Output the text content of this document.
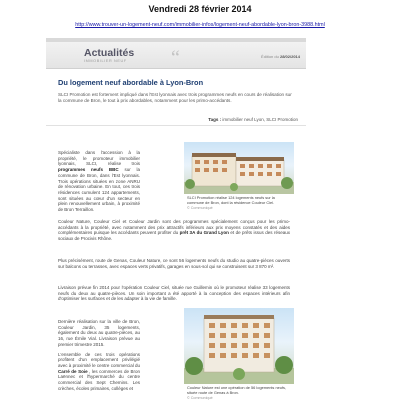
Vendredi 28 février 2014
http://www.trouver-un-logement-neuf.com/immobilier-infos/logement-neuf-abordable-lyon-bron-3988.html
Actualités
IMMOBILIER NEUF “	Édition du 28/02/2014
Du logement neuf abordable à Lyon-Bron
SLCI Promotion est fortement impliqué dans l'Est lyonnais avec trois programmes neufs en cours de réalisation sur la commune de Bron, le tout à prix abordables, notamment pour les primo-accédants.
Tags : immobilier neuf Lyon, SLCI Promotion

Spécialiste dans l'accession à la propriété, le promoteur immobilier lyonnais, SLCI, réalise trois programmes neufs BBC sur la commune de Bron, dans l'Est lyonnais. Trois opérations situées en zone ANRU de rénovation urbaine. En tout, ces trois résidences cumulent 124 appartements, sont situées au cœur d'un secteur en plein renouvellement urbain, à proximité de Bron Terraillon.

Couleur Nature, Couleur Ciel et Couleur Jardin sont des programmes spécialement conçus pour les primo-accédants à la propriété, avec notamment des prix attractifs inférieurs aux prix moyens constatés et des aides complémentaires puisque les accédants peuvent profiter du prêt 3A du Grand Lyon et de prêts issus des réseaux sociaux de Procivis Rhône.
Plus précisément, route de Genas, Couleur Nature, ce sont 56 logements neufs du studio au quatre-pièces ouverts sur balcons ou terrasses, avec espaces verts privatifs, garages en sous-sol qui se construisent sur 3 870 m².
Livraison prévue fin 2014 pour l'opération Couleur Ciel, située rue Guillemin où le promoteur réalise 33 logements neufs du deux au quatre-pièces. Un soin important a été apporté à la conception des espaces intérieurs afin d'optimiser les surfaces et de les adapter à la vie de famille.

Dernière réalisation sur la ville de Bron, Couleur Jardin, 35 logements, également du deux au quatre-pièces, au 16, rue Émile Vial. Livraison prévue au premier trimestre 2015.

L'ensemble de ces trois opérations profitent d'un emplacement privilégié avec à proximité le centre commercial du Carré de Soie , les commerces de Bron Laënnec et l'hypermarché du centre commercial des Sept Chemins. Les crèches, écoles primaires, collèges et

SLCI Promotion réalise 124 logements neufs sur la commune de Bron, dont la résidence Couleur Ciel.
© Communiqué
Couleur Nature est une opération de 56 logements neufs, située route de Genas à Bron.
© Communiqué
